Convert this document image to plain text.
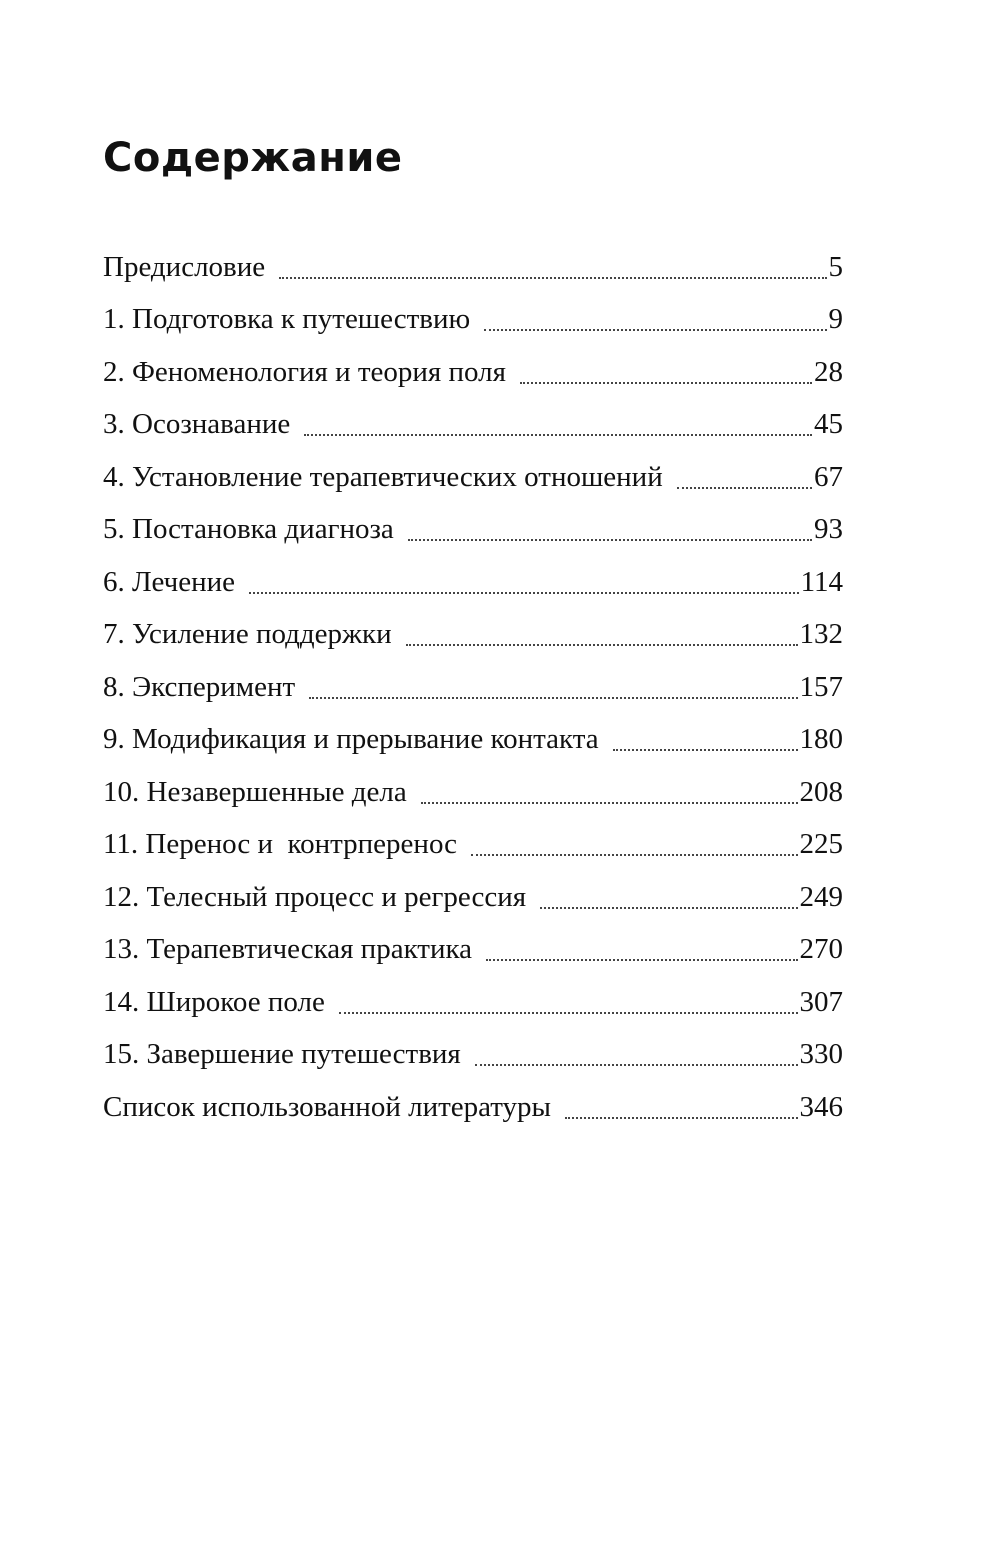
Содержание
Предисловие	5
1. Подготовка к путешествию	9
2. Феноменология и теория поля	28
3. Осознавание	45
4. Установление терапевтических отношений	67
5. Постановка диагноза	93
6. Лечение	114
7. Усиление поддержки	132
8. Эксперимент	157
9. Модификация и прерывание контакта	180
10. Незавершенные дела	208
11. Перенос и  контрперенос	225
12. Телесный процесс и регрессия	249
13. Терапевтическая практика	270
14. Широкое поле	307
15. Завершение путешествия	330
Список использованной литературы	346
